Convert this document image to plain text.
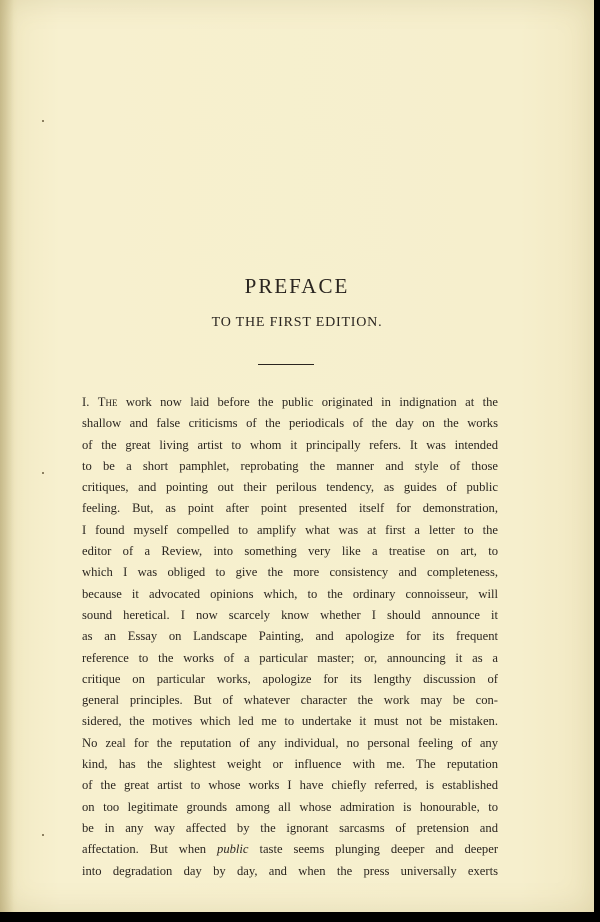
PREFACE
TO THE FIRST EDITION.
I. The work now laid before the public originated in indignation at the
shallow and false criticisms of the periodicals of the day on the works
of the great living artist to whom it principally refers. It was intended
to be a short pamphlet, reprobating the manner and style of those
critiques, and pointing out their perilous tendency, as guides of public
feeling. But, as point after point presented itself for demonstration,
I found myself compelled to amplify what was at first a letter to the
editor of a Review, into something very like a treatise on art, to
which I was obliged to give the more consistency and completeness,
because it advocated opinions which, to the ordinary connoisseur, will
sound heretical. I now scarcely know whether I should announce it
as an Essay on Landscape Painting, and apologize for its frequent
reference to the works of a particular master; or, announcing it as a
critique on particular works, apologize for its lengthy discussion of
general principles. But of whatever character the work may be con-
sidered, the motives which led me to undertake it must not be mistaken.
No zeal for the reputation of any individual, no personal feeling of any
kind, has the slightest weight or influence with me. The reputation
of the great artist to whose works I have chiefly referred, is established
on too legitimate grounds among all whose admiration is honourable, to
be in any way affected by the ignorant sarcasms of pretension and
affectation. But when public taste seems plunging deeper and deeper
into degradation day by day, and when the press universally exerts
